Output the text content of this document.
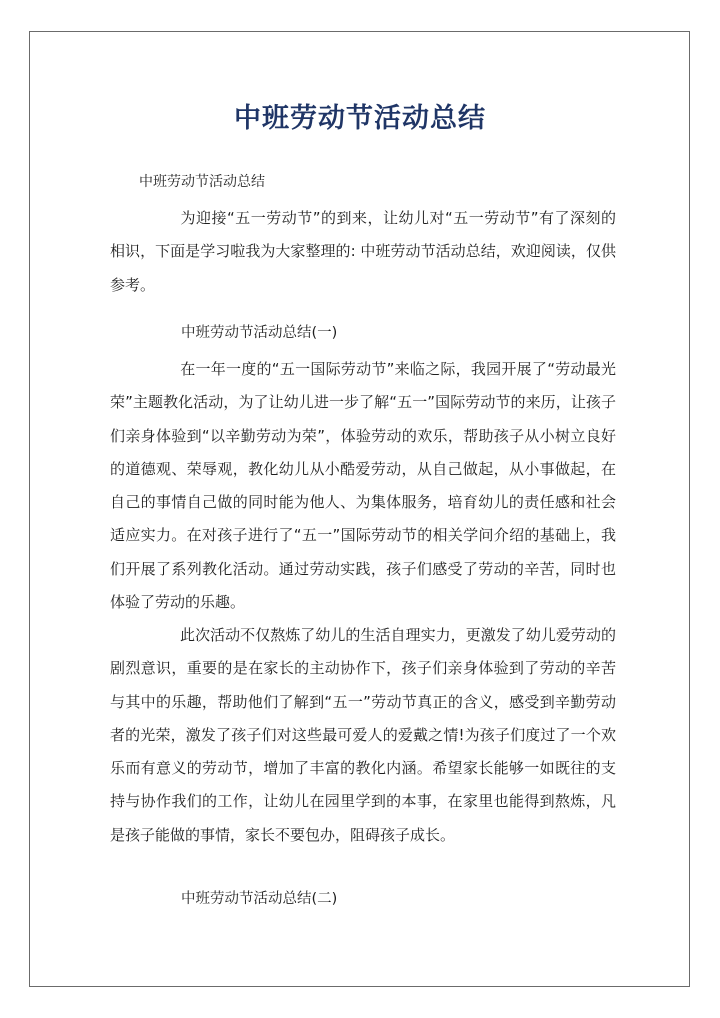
中班劳动节活动总结
中班劳动节活动总结

为迎接“五一劳动节”的到来，让幼儿对“五一劳动节”有了深刻的相识，下面是学习啦我为大家整理的: 中班劳动节活动总结，欢迎阅读，仅供参考。

中班劳动节活动总结(一)

在一年一度的“五一国际劳动节”来临之际，我园开展了“劳动最光荣”主题教化活动，为了让幼儿进一步了解“五一”国际劳动节的来历，让孩子们亲身体验到“以辛勤劳动为荣”，体验劳动的欢乐，帮助孩子从小树立良好的道德观、荣辱观，教化幼儿从小酷爱劳动，从自己做起，从小事做起，在自己的事情自己做的同时能为他人、为集体服务，培育幼儿的责任感和社会适应实力。在对孩子进行了“五一”国际劳动节的相关学问介绍的基础上，我们开展了系列教化活动。通过劳动实践，孩子们感受了劳动的辛苦，同时也体验了劳动的乐趣。

此次活动不仅熬炼了幼儿的生活自理实力，更激发了幼儿爱劳动的剧烈意识，重要的是在家长的主动协作下，孩子们亲身体验到了劳动的辛苦与其中的乐趣，帮助他们了解到“五一”劳动节真正的含义，感受到辛勤劳动者的光荣，激发了孩子们对这些最可爱人的爱戴之情!为孩子们度过了一个欢乐而有意义的劳动节，增加了丰富的教化内涵。希望家长能够一如既往的支持与协作我们的工作，让幼儿在园里学到的本事，在家里也能得到熬炼，凡是孩子能做的事情，家长不要包办，阻碍孩子成长。

中班劳动节活动总结(二)
